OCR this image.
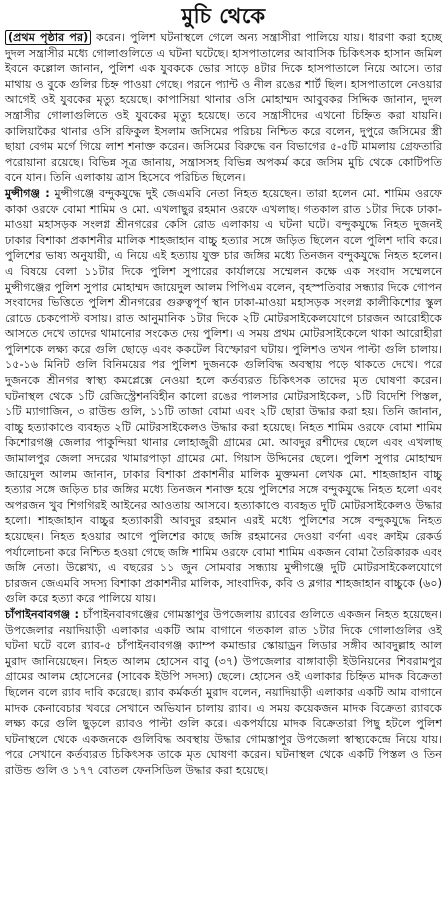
মুচি থেকে

(প্রথম পৃষ্ঠার পর) করেন। পুলিশ ঘটনাস্থলে গেলে অন্য সন্ত্রাসীরা পালিয়ে যায়। ধারণা করা হচ্ছে দুদল সন্ত্রাসীর মধ্যে গোলাগুলিতে এ ঘটনা ঘটেছে। হাসপাতালের আবাসিক চিকিৎসক হাসান জমিল ইবনে কল্লোল জানান, পুলিশ এক যুবককে ভোর সাড়ে ৪টার দিকে হাসপাতালে নিয়ে আসে। তার মাথায় ও বুকে গুলির চিহ্ন পাওয়া গেছে। পরনে প্যান্ট ও নীল রঙের শার্ট ছিল। হাসপাতালে নেওয়ার আগেই ওই যুবকের মৃত্যু হয়েছে। কাপাসিয়া থানার ওসি মোহাম্মদ আবুবকর সিদ্দিক জানান, দুদল সন্ত্রাসীর গোলাগুলিতে ওই যুবকের মৃত্যু হয়েছে। তবে সন্ত্রাসীদের এখনো চিহ্নিত করা যায়নি। কালিয়াকৈর থানার ওসি রফিকুল ইসলাম জসিমের পরিচয় নিশ্চিত করে বলেন, দুপুরে জসিমের স্ত্রী ছায়া বেগম মর্গে গিয়ে লাশ শনাক্ত করেন। জসিমের বিরুদ্ধে বন বিভাগের ৫-৫টি মামলায় গ্রেফতারি পরোয়ানা রয়েছে। বিভিন্ন সূত্র জানায়, সন্ত্রাসসহ বিভিন্ন অপকর্ম করে জসিম মুচি থেকে কোটিপতি বনে যান। তিনি এলাকায় ত্রাস হিসেবে পরিচিত ছিলেন।

মুন্সীগঞ্জ : মুন্সীগঞ্জে বন্দুকযুদ্ধে দুই জেএমবি নেতা নিহত হয়েছেন। তারা হলেন মো. শামিম ওরফে কাকা ওরফে বোমা শামিম ও মো. এখলাছুর রহমান ওরফে এখলাছ। গতকাল রাত ১টার দিকে ঢাকা-মাওয়া মহাসড়ক সংলগ্ন শ্রীনগরের কেসি রোড এলাকায় এ ঘটনা ঘটে। বন্দুকযুদ্ধে নিহত দুজনই ঢাকার বিশাকা প্রকাশনীর মালিক শাহজাহান বাচ্চু হত্যার সঙ্গে জড়িত ছিলেন বলে পুলিশ দাবি করে। পুলিশের ভাষ্য অনুযায়ী, এ নিয়ে এই হত্যায় যুক্ত চার জঙ্গির মধ্যে তিনজন বন্দুকযুদ্ধে নিহত হলেন। এ বিষয়ে বেলা ১১টার দিকে পুলিশ সুপারের কার্যালয়ে সম্মেলন কক্ষে এক সংবাদ সম্মেলনে মুন্সীগঞ্জের পুলিশ সুপার মোহাম্মদ জায়েদুল আলম পিপিএম বলেন, বৃহস্পতিবার সন্ধ্যার দিকে গোপন সংবাদের ভিত্তিতে পুলিশ শ্রীনগরের গুরুত্বপূর্ণ স্থান ঢাকা-মাওয়া মহাসড়ক সংলগ্ন কালীকিশোর স্কুল রোডে চেকপোস্ট বসায়। রাত আনুমানিক ১টার দিকে ২টি মোটরসাইকেলযোগে চারজন আরোহীকে আসতে দেখে তাদের থামানোর সংকেত দেয় পুলিশ। এ সময় প্রথম মোটরসাইকেলে থাকা আরোহীরা পুলিশকে লক্ষ্য করে গুলি ছোড়ে এবং ককটেল বিস্ফোরণ ঘটায়। পুলিশও তখন পাল্টা গুলি চালায়। ১৫-১৬ মিনিট গুলি বিনিময়ের পর পুলিশ দুজনকে গুলিবিদ্ধ অবস্থায় পড়ে থাকতে দেখে। পরে দুজনকে শ্রীনগর স্বাস্থ্য কমপ্লেক্সে নেওয়া হলে কর্তব্যরত চিকিৎসক তাদের মৃত ঘোষণা করেন। ঘটনাস্থল থেকে ১টি রেজিস্ট্রেশনবিহীন কালো রঙের পালসার মোটরসাইকেল, ১টি বিদেশি পিস্তল, ১টি ম্যাগাজিন, ৩ রাউন্ড গুলি, ১১টি তাজা বোমা এবং ২টি ছোরা উদ্ধার করা হয়। তিনি জানান, বাচ্চু হত্যাকাণ্ডে ব্যবহৃত ২টি মোটরসাইকেলও উদ্ধার করা হয়েছে। নিহত শামিম ওরফে বোমা শামিম কিশোরগঞ্জ জেলার পাকুন্দিয়া থানার লোহাজুরী গ্রামের মো. আবদুর রশীদের ছেলে এবং এখলাছ জামালপুর জেলা সদরের খামারপাড়া গ্রামের মো. গিয়াস উদ্দিনের ছেলে। পুলিশ সুপার মোহাম্মদ জায়েদুল আলম জানান, ঢাকার বিশাকা প্রকাশনীর মালিক মুক্তমনা লেখক মো. শাহজাহান বাচ্চু হত্যার সঙ্গে জড়িত চার জঙ্গির মধ্যে তিনজন শনাক্ত হয়ে পুলিশের সঙ্গে বন্দুকযুদ্ধে নিহত হলো এবং অপরজন খুব শিগগিরই আইনের আওতায় আসবে। হত্যাকাণ্ডে ব্যবহৃত দুটি মোটরসাইকেলও উদ্ধার হলো। শাহজাহান বাচ্চুর হত্যাকারী আবদুর রহমান এরই মধ্যে পুলিশের সঙ্গে বন্দুকযুদ্ধে নিহত হয়েছেন। নিহত হওয়ার আগে পুলিশের কাছে জঙ্গি রহমানের দেওয়া বর্ণনা এবং ক্রাইম রেকর্ড পর্যালোচনা করে নিশ্চিত হওয়া গেছে জঙ্গি শামিম ওরফে বোমা শামিম একজন বোমা তৈরিকারক এবং জঙ্গি নেতা। উল্লেখ্য, এ বছরের ১১ জুন সোমবার সন্ধ্যায় মুন্সীগঞ্জে দুটি মোটরসাইকেলযোগে চারজন জেএমবি সদস্য বিশাকা প্রকাশনীর মালিক, সাংবাদিক, কবি ও ব্লগার শাহজাহান বাচ্চুকে (৬০) গুলি করে হত্যা করে পালিয়ে যায়।

চাঁপাইনবাবগঞ্জ : চাঁপাইনবাবগঞ্জের গোমস্তাপুর উপজেলায় র‍্যাবের গুলিতে একজন নিহত হয়েছেন। উপজেলার নয়াদিয়াড়ী এলাকার একটি আম বাগানে গতকাল রাত ১টার দিকে গোলাগুলির ওই ঘটনা ঘটে বলে র‍্যাব-৫ চাঁপাইনবাবগঞ্জ ক্যাম্প কমান্ডার স্কোয়াড্রন লিডার সঙ্গীব আবদুল্লাহ আল মুরাদ জানিয়েছেন। নিহত আলম হোসেন বাবু (৩৭) উপজেলার বাঙ্গাবাড়ী ইউনিয়নের শিবরামপুর গ্রামের আলম হোসেনের (সাবেক ইউপি সদস্য) ছেলে। হোসেন ওই এলাকার চিহ্নিত মাদক বিক্রেতা ছিলেন বলে র‍্যাব দাবি করেছে। র‍্যাব কর্মকর্তা মুরাদ বলেন, নয়াদিয়াড়ী এলাকার একটি আম বাগানে মাদক কেনাবেচার খবরে সেখানে অভিযান চালায় র‍্যাব। এ সময় কয়েকজন মাদক বিক্রেতা র‍্যাবকে লক্ষ্য করে গুলি ছুড়লে র‍্যাবও পাল্টা গুলি করে। একপর্যায়ে মাদক বিক্রেতারা পিছু হটলে পুলিশ ঘটনাস্থলে থেকে একজনকে গুলিবিদ্ধ অবস্থায় উদ্ধার গোমস্তাপুর উপজেলা স্বাস্থ্যকেন্দ্রে নিয়ে যায়। পরে সেখানে কর্তব্যরত চিকিৎসক তাকে মৃত ঘোষণা করেন। ঘটনাস্থল থেকে একটি পিস্তল ও তিন রাউন্ড গুলি ও ১৭৭ বোতল ফেনসিডিল উদ্ধার করা হয়েছে।
